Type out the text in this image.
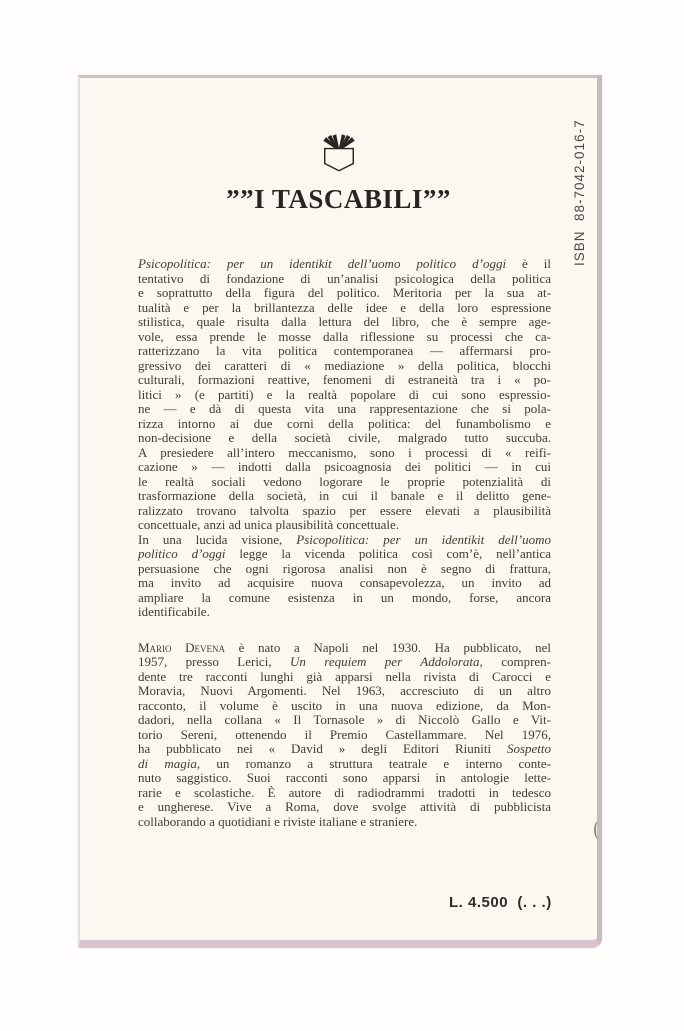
””I TASCABILI””	ISBN  88-7042-016-7
Psicopolitica: per un identikit dell’uomo politico d’oggi è il
tentativo di fondazione di un’analisi psicologica della politica
e soprattutto della figura del politico. Meritoria per la sua at-
tualità e per la brillantezza delle idee e della loro espressione
stilistica, quale risulta dalla lettura del libro, che è sempre age-
vole, essa prende le mosse dalla riflessione su processi che ca-
ratterizzano la vita politica contemporanea — affermarsi pro-
gressivo dei caratteri di « mediazione » della politica, blocchi
culturali, formazioni reattive, fenomeni di estraneità tra i « po-
litici » (e partiti) e la realtà popolare di cui sono espressio-
ne — e dà di questa vita una rappresentazione che si pola-
rizza intorno ai due corni della politica: del funambolismo e
non-decisione e della società civile, malgrado tutto succuba.
A presiedere all’intero meccanismo, sono i processi di « reifi-
cazione » — indotti dalla psicoagnosia dei politici — in cui
le realtà sociali vedono logorare le proprie potenzialità di
trasformazione della società, in cui il banale e il delitto gene-
ralizzato trovano talvolta spazio per essere elevati a plausibilità
concettuale, anzi ad unica plausibilità concettuale.
In una lucida visione, Psicopolitica: per un identikit dell’uomo
politico d’oggi legge la vicenda politica così com’è, nell’antica
persuasione che ogni rigorosa analisi non è segno di frattura,
ma invito ad acquisire nuova consapevolezza, un invito ad
ampliare la comune esistenza in un mondo, forse, ancora
identificabile.
Mario Devena è nato a Napoli nel 1930. Ha pubblicato, nel
1957, presso Lerici, Un requiem per Addolorata, compren-
dente tre racconti lunghi già apparsi nella rivista di Carocci e
Moravia, Nuovi Argomenti. Nel 1963, accresciuto di un altro
racconto, il volume è uscito in una nuova edizione, da Mon-
dadori, nella collana « Il Tornasole » di Niccolò Gallo e Vit-
torio Sereni, ottenendo il Premio Castellammare. Nel 1976,
ha pubblicato nei « David » degli Editori Riuniti Sospetto
di magia, un romanzo a struttura teatrale e interno conte-
nuto saggistico. Suoi racconti sono apparsi in antologie lette-
rarie e scolastiche. È autore di radiodrammi tradotti in tedesco
e ungherese. Vive a Roma, dove svolge attività di pubblicista
collaborando a quotidiani e riviste italiane e straniere.
L. 4.500  (. . .)
